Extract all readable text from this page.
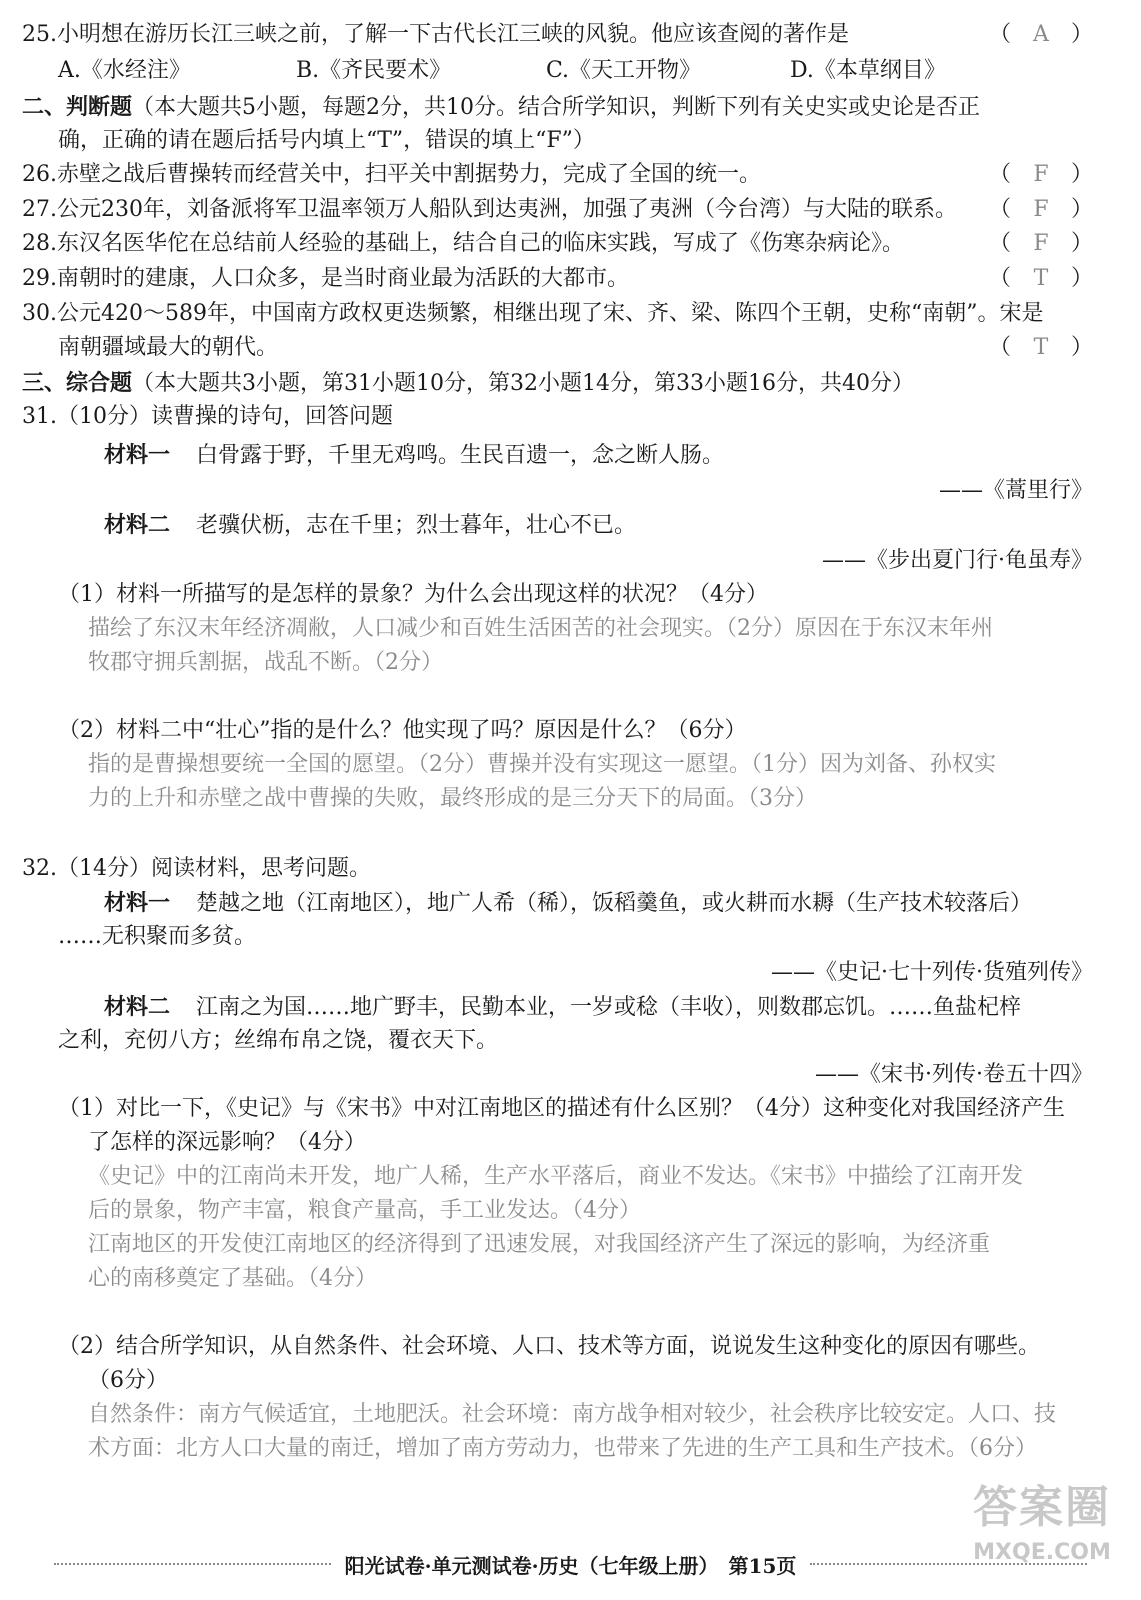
25.小明想在游历长江三峡之前，了解一下古代长江三峡的风貌。他应该查阅的著作是	（ A ）
A.《水经注》	B.《齐民要术》	C.《天工开物》	D.《本草纲目》
二、判断题（本大题共5小题，每题2分，共10分。结合所学知识，判断下列有关史实或史论是否正
确，正确的请在题后括号内填上“T”，错误的填上“F”）
26.赤壁之战后曹操转而经营关中，扫平关中割据势力，完成了全国的统一。	（ F ）
27.公元230年，刘备派将军卫温率领万人船队到达夷洲，加强了夷洲（今台湾）与大陆的联系。 （ F ）
28.东汉名医华佗在总结前人经验的基础上，结合自己的临床实践，写成了《伤寒杂病论》。	（ F ）
29.南朝时的建康，人口众多，是当时商业最为活跃的大都市。	（ T ）
30.公元420～589年，中国南方政权更迭频繁，相继出现了宋、齐、梁、陈四个王朝，史称“南朝”。宋是
南朝疆域最大的朝代。	（ T ）
三、综合题（本大题共3小题，第31小题10分，第32小题14分，第33小题16分，共40分）
31.（10分）读曹操的诗句，回答问题
材料一 白骨露于野，千里无鸡鸣。生民百遗一，念之断人肠。
——《蒿里行》
材料二 老骥伏枥，志在千里；烈士暮年，壮心不已。
——《步出夏门行·龟虽寿》
（1）材料一所描写的是怎样的景象？为什么会出现这样的状况？（4分）
描绘了东汉末年经济凋敝，人口减少和百姓生活困苦的社会现实。（2分）原因在于东汉末年州
牧郡守拥兵割据，战乱不断。（2分）
（2）材料二中“壮心”指的是什么？他实现了吗？原因是什么？（6分）
指的是曹操想要统一全国的愿望。（2分）曹操并没有实现这一愿望。（1分）因为刘备、孙权实
力的上升和赤壁之战中曹操的失败，最终形成的是三分天下的局面。（3分）
32.（14分）阅读材料，思考问题。
材料一 楚越之地（江南地区），地广人希（稀），饭稻羹鱼，或火耕而水耨（生产技术较落后）
……无积聚而多贫。
——《史记·七十列传·货殖列传》
材料二 江南之为国……地广野丰，民勤本业，一岁或稔（丰收），则数郡忘饥。……鱼盐杞梓
之利，充仞八方；丝绵布帛之饶，覆衣天下。
——《宋书·列传·卷五十四》
（1）对比一下，《史记》与《宋书》中对江南地区的描述有什么区别？（4分）这种变化对我国经济产生
了怎样的深远影响？（4分）
《史记》中的江南尚未开发，地广人稀，生产水平落后，商业不发达。《宋书》中描绘了江南开发
后的景象，物产丰富，粮食产量高，手工业发达。（4分）
江南地区的开发使江南地区的经济得到了迅速发展，对我国经济产生了深远的影响，为经济重
心的南移奠定了基础。（4分）
（2）结合所学知识，从自然条件、社会环境、人口、技术等方面，说说发生这种变化的原因有哪些。
（6分）
自然条件：南方气候适宜，土地肥沃。社会环境：南方战争相对较少，社会秩序比较安定。人口、技
术方面：北方人口大量的南迁，增加了南方劳动力，也带来了先进的生产工具和生产技术。（6分）
答案圈
MXQE.COM
阳光试卷·单元测试卷·历史（七年级上册）　第15页
